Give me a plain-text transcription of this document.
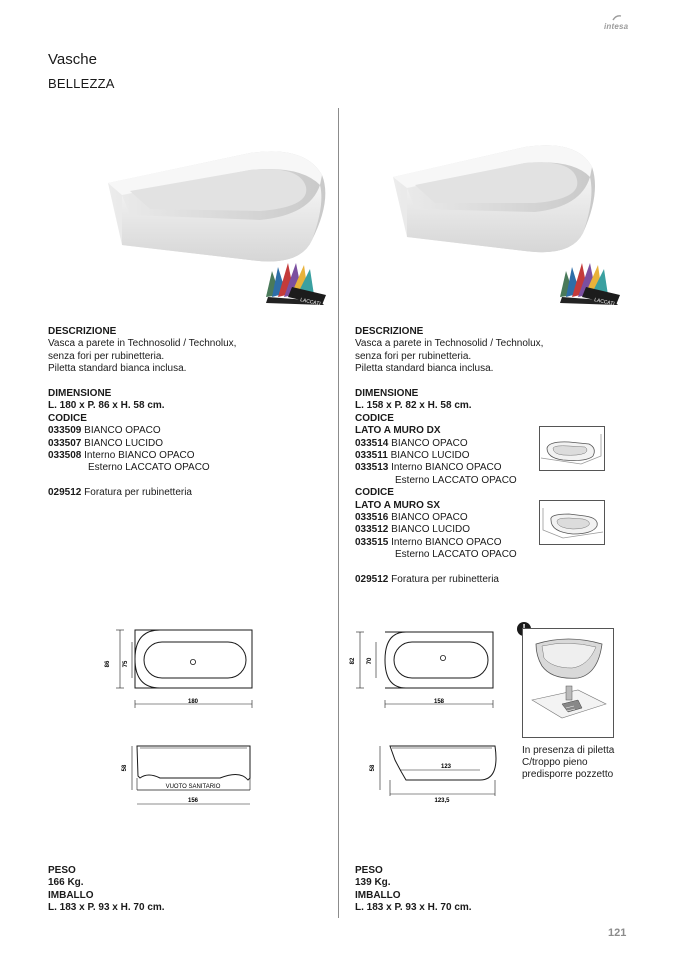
intesa
Vasche
BELLEZZA
LACCATI	LACCATI
DESCRIZIONE
Vasca a parete in Technosolid / Technolux,
senza fori per rubinetteria.
Piletta standard bianca inclusa.
DIMENSIONE
L. 180 x P. 86 x H. 58 cm.
CODICE
033509 BIANCO OPACO
033507 BIANCO LUCIDO
033508 Interno BIANCO OPACO
Esterno LACCATO OPACO
029512 Foratura per rubinetteria
DESCRIZIONE
Vasca a parete in Technosolid / Technolux,
senza fori per rubinetteria.
Piletta standard bianca inclusa.
DIMENSIONE
L. 158 x P. 82 x H. 58 cm.
CODICE
LATO A MURO DX
033514 BIANCO OPACO
033511 BIANCO LUCIDO
033513 Interno BIANCO OPACO
Esterno LACCATO OPACO
CODICE
LATO A MURO SX
033516 BIANCO OPACO
033512 BIANCO LUCIDO
033515 Interno BIANCO OPACO
Esterno LACCATO OPACO
029512 Foratura per rubinetteria
86 75
180
58
VUOTO SANITARIO
156
82 70
158
123
58
123,5
In presenza di piletta
C/troppo pieno
predisporre pozzetto
PESO
166 Kg.
IMBALLO
L. 183 x P. 93 x H. 70 cm.
PESO
139 Kg.
IMBALLO
L. 183 x P. 93 x H. 70 cm.
121
